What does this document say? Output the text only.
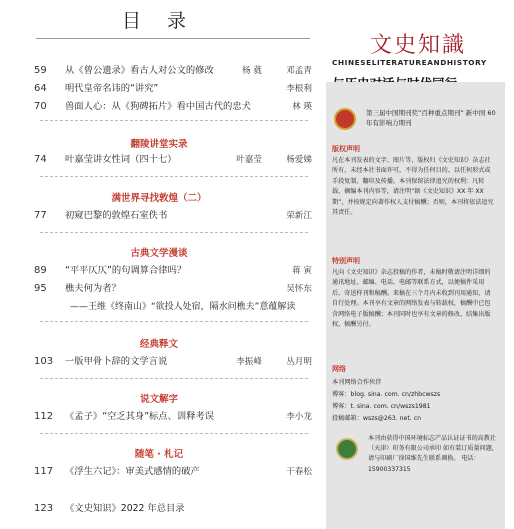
目 录
59	从《曾公遗录》看古人对公文的修改	杨 蕤	邓孟青
64	明代皇帝名讳的“讲究”	李根利
70	兽面人心：从《狗碑拓片》看中国古代的忠犬	林 瑛
翻陵讲堂实录
74	叶嘉莹讲女性词（四十七）	叶嘉莹	杨爱娣
满世界寻找敦煌（二）
77	初窥巴黎的敦煌石室佚书	荣新江
古典文学漫谈
89	“平平仄仄”的句调算合律吗？	蒋 寅
95	樵夫何为者？	吴怀东
——王维《终南山》“欲投人处宿，隔水问樵夫”意蕴解读
经典释文
103	一版甲骨卜辞的文学言说	李振峰	丛月明
说文解字
112	《孟子》“空乏其身”标点、训释考误	李小龙
随笔 · 札记
117	《浮生六记》：审美式感情的破产	干春松
123	《文史知识》2022 年总目录
文史知識
CHINESELITERATUREANDHISTORY
第三届中国期刊奖“百种重点期刊” 新中国 60 年有影响力期刊
版权声明
凡在本刊发表的文字、图片等，版权归《文史知识》杂志社所有，未经本社书面许可，不得为任何目的、以任何形式或手段复制、翻印及传播。本刊保留法律追究的权利：凡转载、摘编本刊内容等，请注明“据《文史知识》XX 年 XX 期”，并按规定向著作权人支付稿酬；否则，本刊将依法追究其责任。
特别声明
凡向《文史知识》杂志投稿的作者，未稿时敬请注明详细的通讯地址、邮编、电话、电邮等联系方式，以便稿件采用后，寄送样刊和稿酬。来稿在三个月内未收到刊用通知，请自行处理。本刊享有文章的网络发表与转载权，稿酬中已包含网络电子版稿酬；本刊同时也享有文章的修改、结集出版权，稿酬另付。
网络
本刊网络合作伙伴
博客：blog. sina. com. cn/zhbcwszs
博客：t. sina. com. cn/wszs1981
投稿邮箱：wszs@263. net. cn
本刊由获得中国环境标志产品认证证书的高教社（天津）印务有限公司承印 如有装订质量问题，请与印刷厂徐国维先生联系调换。 电话：15900337315
